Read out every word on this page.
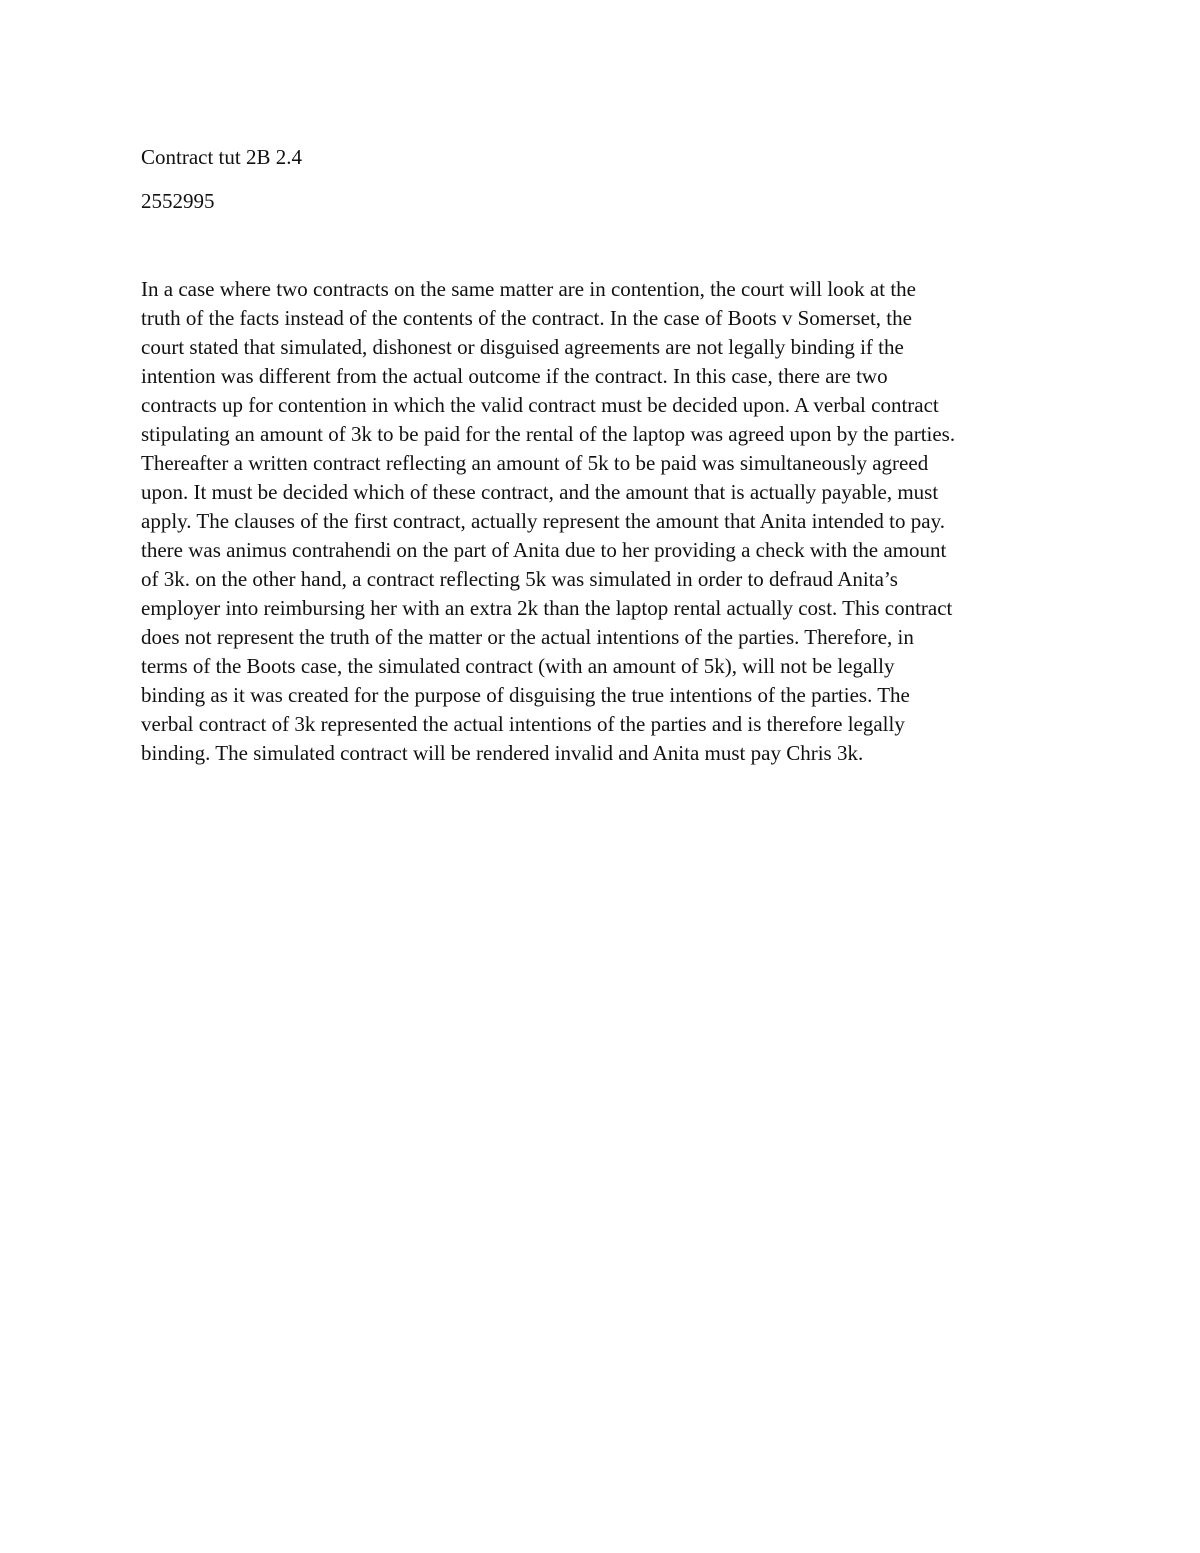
Contract tut 2B 2.4
2552995
In a case where two contracts on the same matter are in contention, the court will look at the
truth of the facts instead of the contents of the contract. In the case of Boots v Somerset, the
court stated that simulated, dishonest or disguised agreements are not legally binding if the
intention was different from the actual outcome if the contract. In this case, there are two
contracts up for contention in which the valid contract must be decided upon. A verbal contract
stipulating an amount of 3k to be paid for the rental of the laptop was agreed upon by the parties.
Thereafter a written contract reflecting an amount of 5k to be paid was simultaneously agreed
upon. It must be decided which of these contract, and the amount that is actually payable, must
apply. The clauses of the first contract, actually represent the amount that Anita intended to pay.
there was animus contrahendi on the part of Anita due to her providing a check with the amount
of 3k. on the other hand, a contract reflecting 5k was simulated in order to defraud Anita’s
employer into reimbursing her with an extra 2k than the laptop rental actually cost. This contract
does not represent the truth of the matter or the actual intentions of the parties. Therefore, in
terms of the Boots case, the simulated contract (with an amount of 5k), will not be legally
binding as it was created for the purpose of disguising the true intentions of the parties. The
verbal contract of 3k represented the actual intentions of the parties and is therefore legally
binding. The simulated contract will be rendered invalid and Anita must pay Chris 3k.
